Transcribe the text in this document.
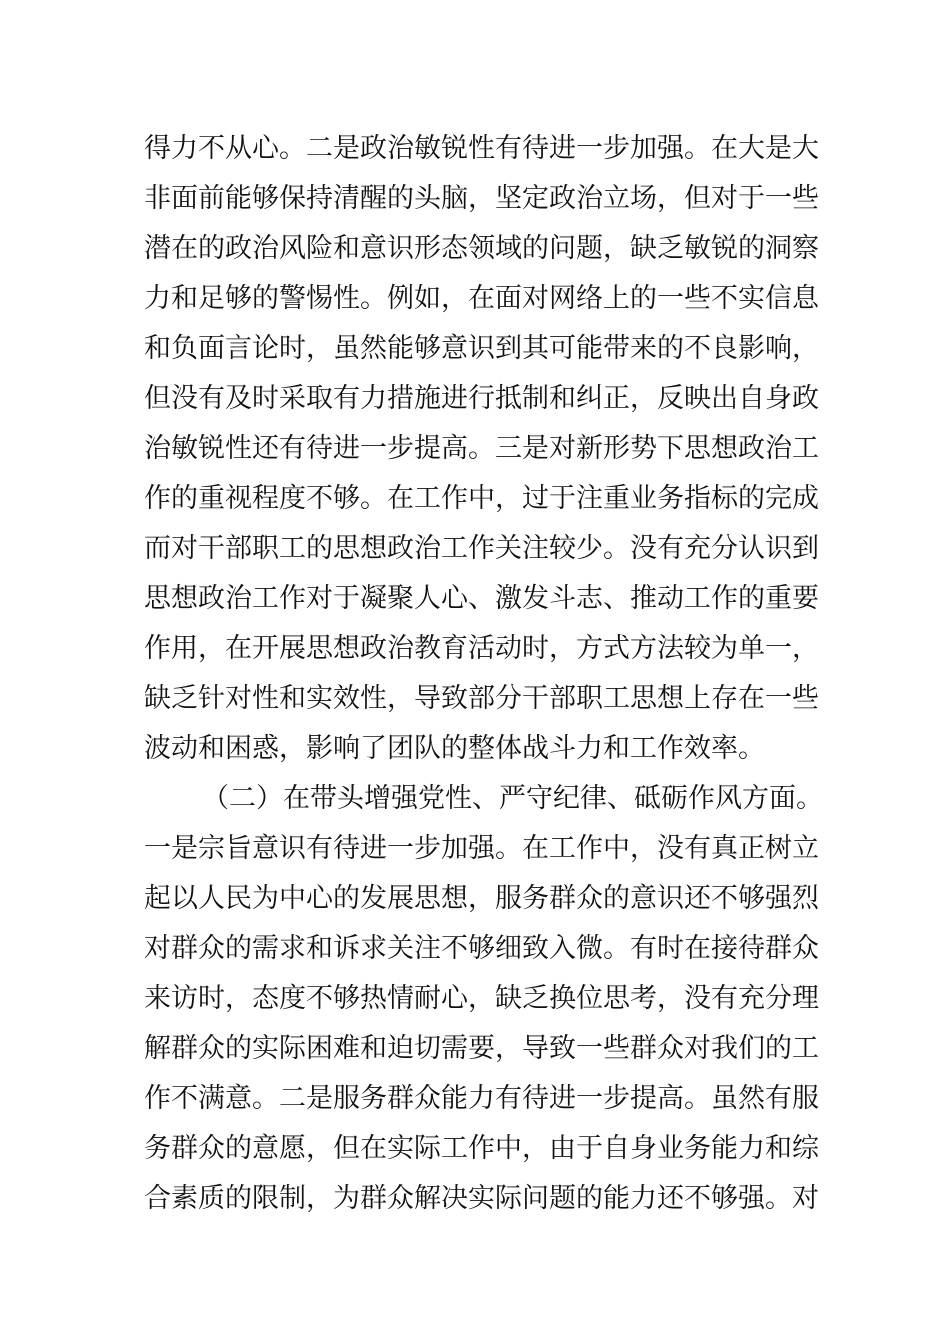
得力不从心。二是政治敏锐性有待进一步加强。在大是大
非面前能够保持清醒的头脑，坚定政治立场，但对于一些
潜在的政治风险和意识形态领域的问题，缺乏敏锐的洞察
力和足够的警惕性。例如，在面对网络上的一些不实信息
和负面言论时，虽然能够意识到其可能带来的不良影响，
但没有及时采取有力措施进行抵制和纠正，反映出自身政
治敏锐性还有待进一步提高。三是对新形势下思想政治工
作的重视程度不够。在工作中，过于注重业务指标的完成
而对干部职工的思想政治工作关注较少。没有充分认识到
思想政治工作对于凝聚人心、激发斗志、推动工作的重要
作用，在开展思想政治教育活动时，方式方法较为单一，
缺乏针对性和实效性，导致部分干部职工思想上存在一些
波动和困惑，影响了团队的整体战斗力和工作效率。
（二）在带头增强党性、严守纪律、砥砺作风方面。
一是宗旨意识有待进一步加强。在工作中，没有真正树立
起以人民为中心的发展思想，服务群众的意识还不够强烈
对群众的需求和诉求关注不够细致入微。有时在接待群众
来访时，态度不够热情耐心，缺乏换位思考，没有充分理
解群众的实际困难和迫切需要，导致一些群众对我们的工
作不满意。二是服务群众能力有待进一步提高。虽然有服
务群众的意愿，但在实际工作中，由于自身业务能力和综
合素质的限制，为群众解决实际问题的能力还不够强。对
